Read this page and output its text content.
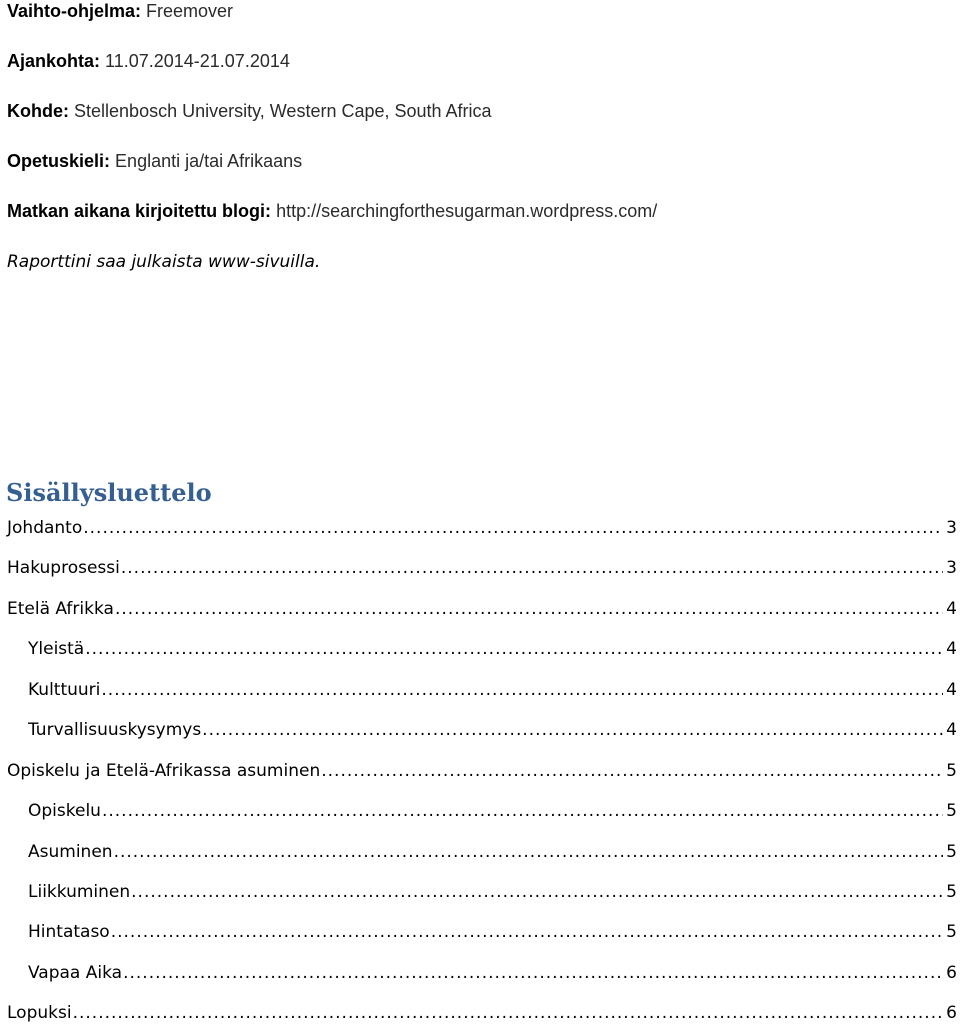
Vaihto-ohjelma: Freemover
Ajankohta: 11.07.2014-21.07.2014
Kohde: Stellenbosch University, Western Cape, South Africa
Opetuskieli: Englanti ja/tai Afrikaans
Matkan aikana kirjoitettu blogi: http://searchingforthesugarman.wordpress.com/
Raporttini saa julkaista www-sivuilla.
Sisällysluettelo
Johdanto .....	3
Hakuprosessi .....	3
Etelä Afrikka .....	4
Yleistä .....	4
Kulttuuri .....	4
Turvallisuuskysymys .....	4
Opiskelu ja Etelä-Afrikassa asuminen .....	5
Opiskelu .....	5
Asuminen .....	5
Liikkuminen .....	5
Hintataso .....	5
Vapaa Aika .....	6
Lopuksi .....	6
